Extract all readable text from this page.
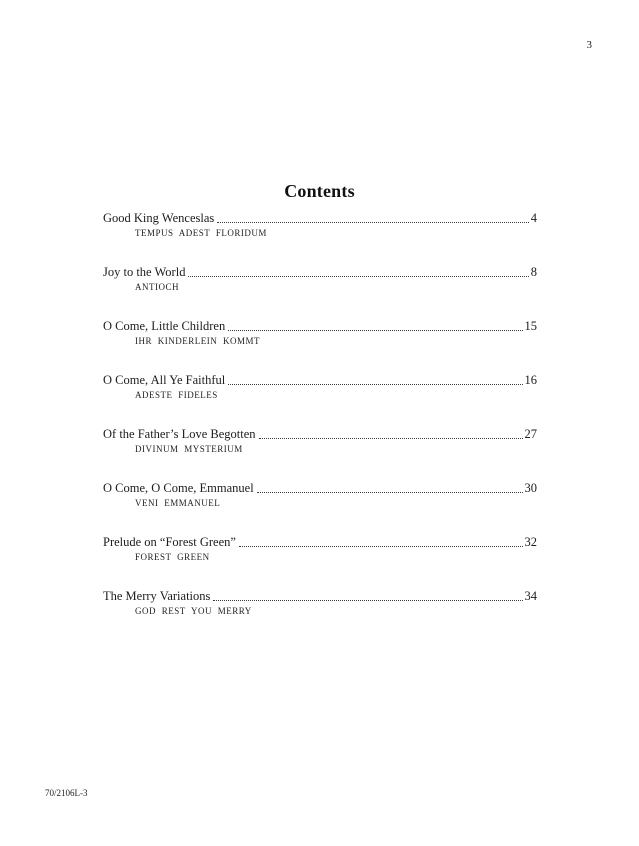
3
Contents
Good King Wenceslas	4
TEMPUS ADEST FLORIDUM
Joy to the World	8
ANTIOCH
O Come, Little Children	15
IHR KINDERLEIN KOMMT
O Come, All Ye Faithful	16
ADESTE FIDELES
Of the Father’s Love Begotten	27
DIVINUM MYSTERIUM
O Come, O Come, Emmanuel	30
VENI EMMANUEL
Prelude on “Forest Green”	32
FOREST GREEN
The Merry Variations	34
GOD REST YOU MERRY
70/2106L-3
